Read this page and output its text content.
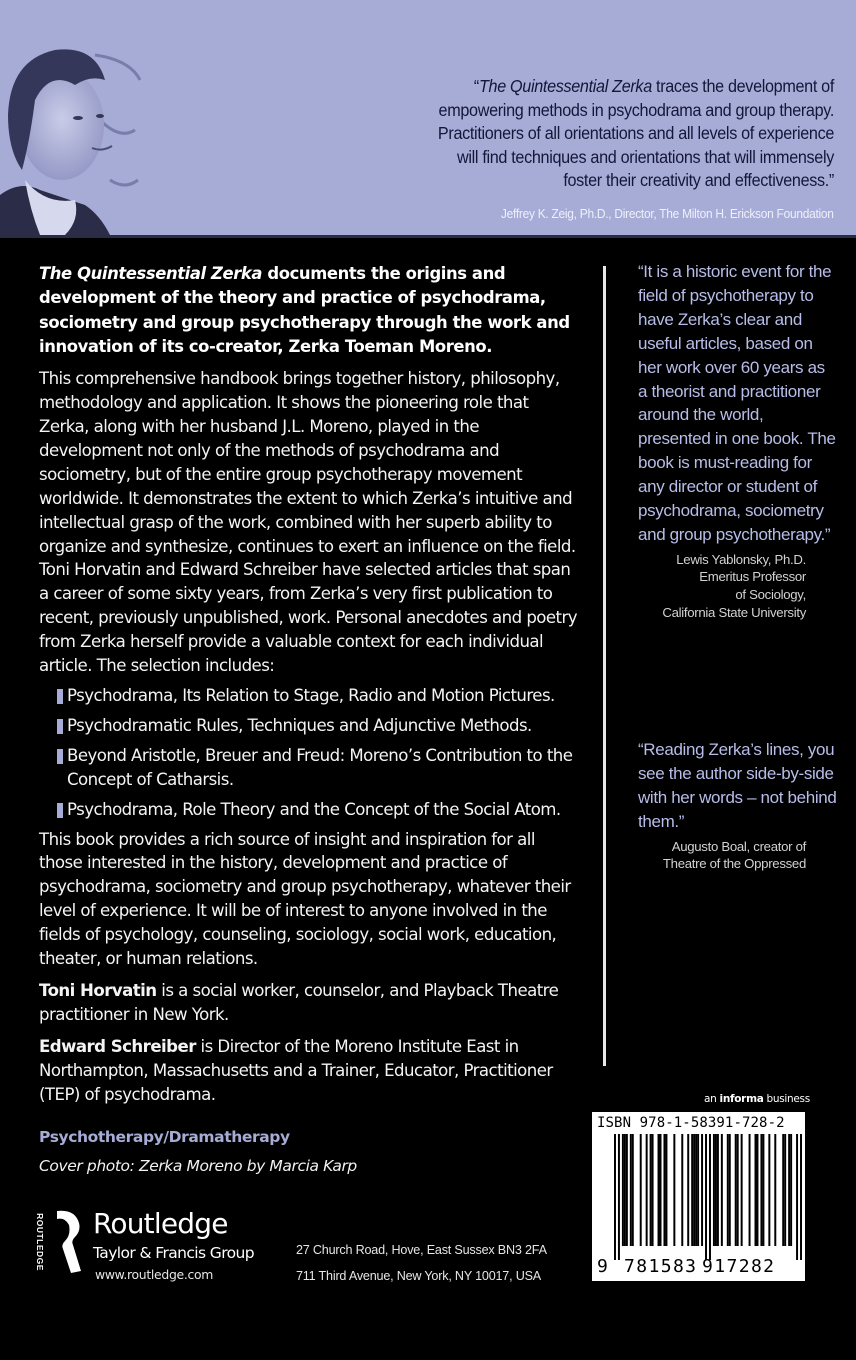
“The Quintessential Zerka traces the development of
empowering methods in psychodrama and group therapy.
Practitioners of all orientations and all levels of experience
will find techniques and orientations that will immensely
foster their creativity and effectiveness.”
Jeffrey K. Zeig, Ph.D., Director, The Milton H. Erickson Foundation

The Quintessential Zerka documents the origins and development of the theory and practice of psychodrama, sociometry and group psychotherapy through the work and innovation of its co-creator, Zerka Toeman Moreno.

This comprehensive handbook brings together history, philosophy, methodology and application. It shows the pioneering role that Zerka, along with her husband J.L. Moreno, played in the development not only of the methods of psychodrama and sociometry, but of the entire group psychotherapy movement worldwide. It demonstrates the extent to which Zerka’s intuitive and intellectual grasp of the work, combined with her superb ability to organize and synthesize, continues to exert an influence on the field. Toni Horvatin and Edward Schreiber have selected articles that span a career of some sixty years, from Zerka’s very first publication to recent, previously unpublished, work. Personal anecdotes and poetry from Zerka herself provide a valuable context for each individual article. The selection includes:

Psychodrama, Its Relation to Stage, Radio and Motion Pictures.
Psychodramatic Rules, Techniques and Adjunctive Methods.
Beyond Aristotle, Breuer and Freud: Moreno’s Contribution to the Concept of Catharsis.
Psychodrama, Role Theory and the Concept of the Social Atom.

This book provides a rich source of insight and inspiration for all those interested in the history, development and practice of psychodrama, sociometry and group psychotherapy, whatever their level of experience. It will be of interest to anyone involved in the fields of psychology, counseling, sociology, social work, education, theater, or human relations.

Toni Horvatin is a social worker, counselor, and Playback Theatre practitioner in New York.

Edward Schreiber is Director of the Moreno Institute East in Northampton, Massachusetts and a Trainer, Educator, Practitioner (TEP) of psychodrama.

Psychotherapy/Dramatherapy

Cover photo: Zerka Moreno by Marcia Karp

“It is a historic event for the field of psychotherapy to have Zerka’s clear and useful articles, based on her work over 60 years as a theorist and practitioner around the world, presented in one book. The book is must-reading for any director or student of psychodrama, sociometry and group psychotherapy.”

Lewis Yablonsky, Ph.D.
Emeritus Professor
of Sociology,
California State University

“Reading Zerka’s lines, you see the author side-by-side with her words – not behind them.”

Augusto Boal, creator of
Theatre of the Oppressed
ROUTLEDGE Routledge
Taylor & Francis Group
www.routledge.com
27 Church Road, Hove, East Sussex BN3 2FA
711 Third Avenue, New York, NY 10017, USA
an informa business
ISBN 978-1-58391-728-2
9 781583 917282
